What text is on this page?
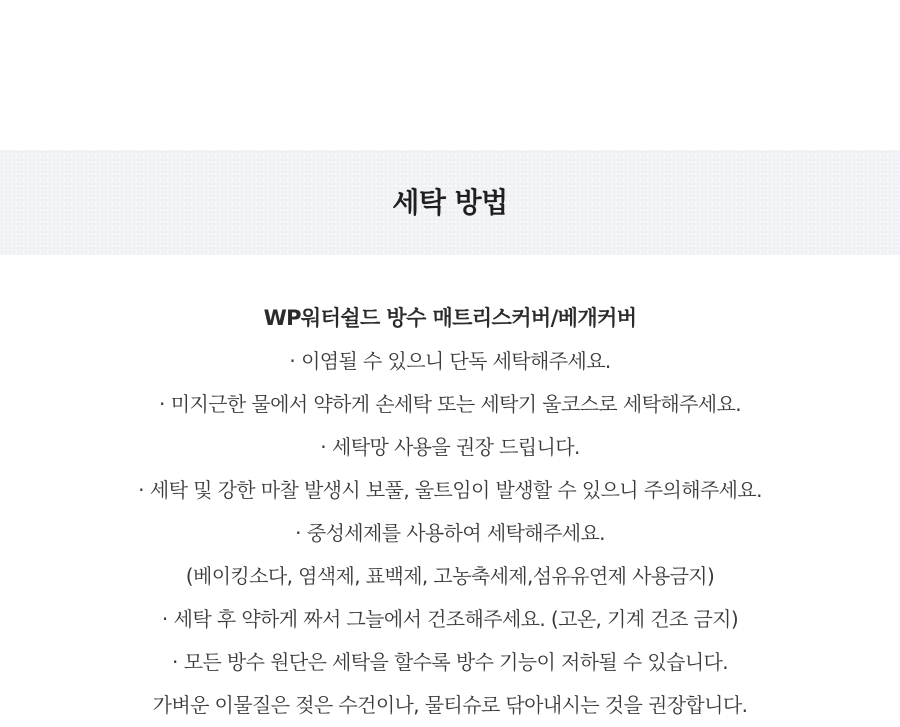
세탁 방법

WP워터쉴드 방수 매트리스커버/베개커버

· 이염될 수 있으니 단독 세탁해주세요.
· 미지근한 물에서 약하게 손세탁 또는 세탁기 울코스로 세탁해주세요.
· 세탁망 사용을 권장 드립니다.
· 세탁 및 강한 마찰 발생시 보풀, 울트임이 발생할 수 있으니 주의해주세요.
· 중성세제를 사용하여 세탁해주세요.
(베이킹소다, 염색제, 표백제, 고농축세제,섬유유연제 사용금지)
· 세탁 후 약하게 짜서 그늘에서 건조해주세요. (고온, 기계 건조 금지)
· 모든 방수 원단은 세탁을 할수록 방수 기능이 저하될 수 있습니다.
가벼운 이물질은 젖은 수건이나, 물티슈로 닦아내시는 것을 권장합니다.
